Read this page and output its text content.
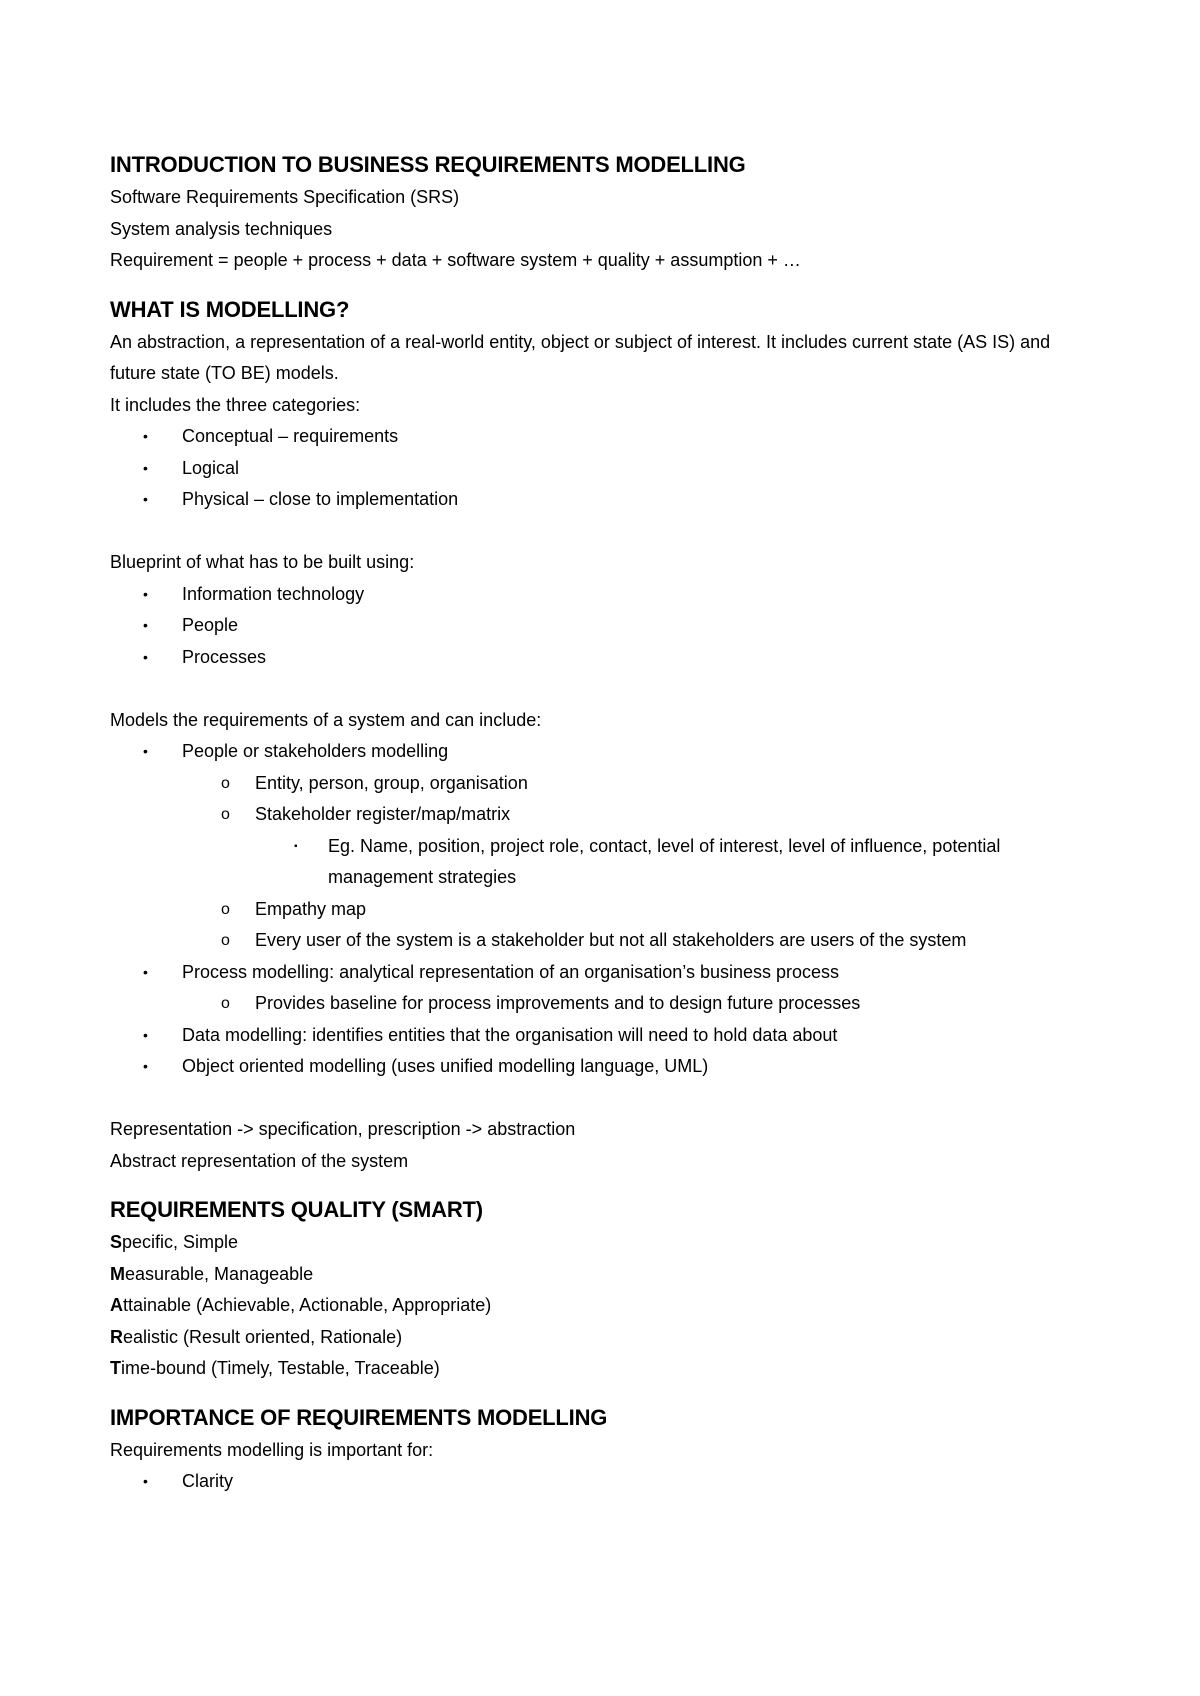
INTRODUCTION TO BUSINESS REQUIREMENTS MODELLING

Software Requirements Specification (SRS)

System analysis techniques

Requirement = people + process + data + software system + quality + assumption + …

WHAT IS MODELLING?

An abstraction, a representation of a real-world entity, object or subject of interest. It includes current state (AS IS) and future state (TO BE) models.

It includes the three categories:

• Conceptual – requirements
• Logical
• Physical – close to implementation

Blueprint of what has to be built using:

• Information technology
• People
• Processes

Models the requirements of a system and can include:

• People or stakeholders modelling
o Entity, person, group, organisation
o Stakeholder register/map/matrix
▪ Eg. Name, position, project role, contact, level of interest, level of influence, potential management strategies
o Empathy map
o Every user of the system is a stakeholder but not all stakeholders are users of the system
• Process modelling: analytical representation of an organisation’s business process
o Provides baseline for process improvements and to design future processes
• Data modelling: identifies entities that the organisation will need to hold data about
• Object oriented modelling (uses unified modelling language, UML)

Representation -> specification, prescription -> abstraction

Abstract representation of the system

REQUIREMENTS QUALITY (SMART)

Specific, Simple

Measurable, Manageable

Attainable (Achievable, Actionable, Appropriate)

Realistic (Result oriented, Rationale)

Time-bound (Timely, Testable, Traceable)

IMPORTANCE OF REQUIREMENTS MODELLING

Requirements modelling is important for:

• Clarity
